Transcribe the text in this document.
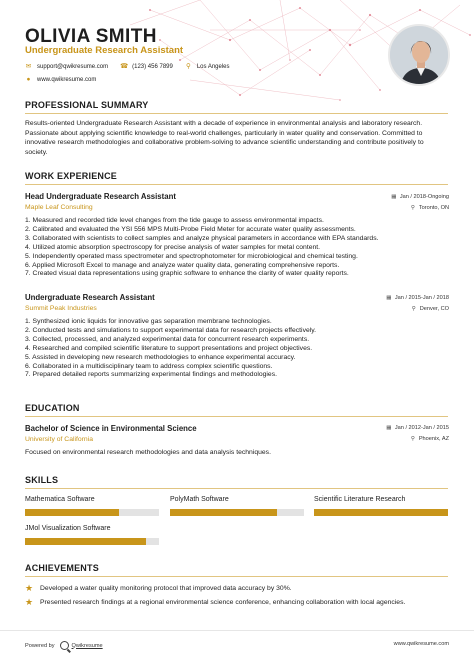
OLIVIA SMITH
Undergraduate Research Assistant
✉ support@qwikresume.com ☎ (123) 456 7899 ⚲ Los Angeles
● www.qwikresume.com
PROFESSIONAL SUMMARY
Results-oriented Undergraduate Research Assistant with a decade of experience in environmental analysis and laboratory research. Passionate about applying scientific knowledge to real-world challenges, particularly in water quality and conservation. Committed to innovative research methodologies and collaborative problem-solving to advance scientific understanding and contribute positively to society.
WORK EXPERIENCE
Head Undergraduate Research Assistant	▦ Jan / 2018-Ongoing
Maple Leaf Consulting	⚲ Toronto, ON
1. Measured and recorded tide level changes from the tide gauge to assess environmental impacts.
2. Calibrated and evaluated the YSI 556 MPS Multi-Probe Field Meter for accurate water quality assessments.
3. Collaborated with scientists to collect samples and analyze physical parameters in accordance with EPA standards.
4. Utilized atomic absorption spectroscopy for precise analysis of water samples for metal content.
5. Independently operated mass spectrometer and spectrophotometer for microbiological and chemical testing.
6. Applied Microsoft Excel to manage and analyze water quality data, generating comprehensive reports.
7. Created visual data representations using graphic software to enhance the clarity of water quality reports.
Undergraduate Research Assistant	▦ Jan / 2015-Jan / 2018
Summit Peak Industries	⚲ Denver, CO
1. Synthesized ionic liquids for innovative gas separation membrane technologies.
2. Conducted tests and simulations to support experimental data for research projects effectively.
3. Collected, processed, and analyzed experimental data for concurrent research experiments.
4. Researched and compiled scientific literature to support presentations and project objectives.
5. Assisted in developing new research methodologies to enhance experimental accuracy.
6. Collaborated in a multidisciplinary team to address complex scientific questions.
7. Prepared detailed reports summarizing experimental findings and methodologies.
EDUCATION
Bachelor of Science in Environmental Science	▦ Jan / 2012-Jan / 2015
University of California	⚲ Phoenix, AZ
Focused on environmental research methodologies and data analysis techniques.
SKILLS
Mathematica Software	PolyMath Software	Scientific Literature Research
JMol Visualization Software
ACHIEVEMENTS
★ Developed a water quality monitoring protocol that improved data accuracy by 30%.
★ Presented research findings at a regional environmental science conference, enhancing collaboration with local agencies.
Powered by	Qwikresume	www.qwikresume.com
